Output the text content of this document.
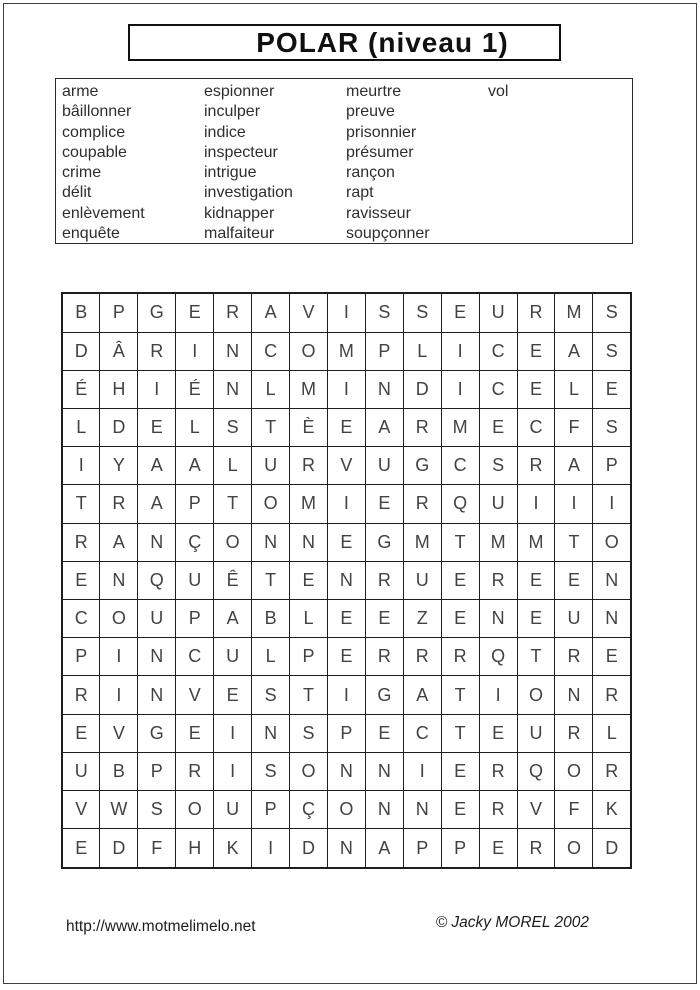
POLAR (niveau 1)
arme
bâillonner
complice
coupable
crime
délit
enlèvement
enquête
espionner
inculper
indice
inspecteur
intrigue
investigation
kidnapper
malfaiteur
meurtre
preuve
prisonnier
présumer
rançon
rapt
ravisseur
soupçonner
vol
B	P	G	E	R	A	V	I	S	S	E	U	R	M	S
D	Â	R	I	N	C	O	M	P	L	I	C	E	A	S
É	H	I	É	N	L	M	I	N	D	I	C	E	L	E
L	D	E	L	S	T	È	E	A	R	M	E	C	F	S
I	Y	A	A	L	U	R	V	U	G	C	S	R	A	P
T	R	A	P	T	O	M	I	E	R	Q	U	I	I	I
R	A	N	Ç	O	N	N	E	G	M	T	M	M	T	O
E	N	Q	U	Ê	T	E	N	R	U	E	R	E	E	N
C	O	U	P	A	B	L	E	E	Z	E	N	E	U	N
P	I	N	C	U	L	P	E	R	R	R	Q	T	R	E
R	I	N	V	E	S	T	I	G	A	T	I	O	N	R
E	V	G	E	I	N	S	P	E	C	T	E	U	R	L
U	B	P	R	I	S	O	N	N	I	E	R	Q	O	R
V	W	S	O	U	P	Ç	O	N	N	E	R	V	F	K
E	D	F	H	K	I	D	N	A	P	P	E	R	O	D
http://www.motmelimelo.net	© Jacky MOREL 2002
